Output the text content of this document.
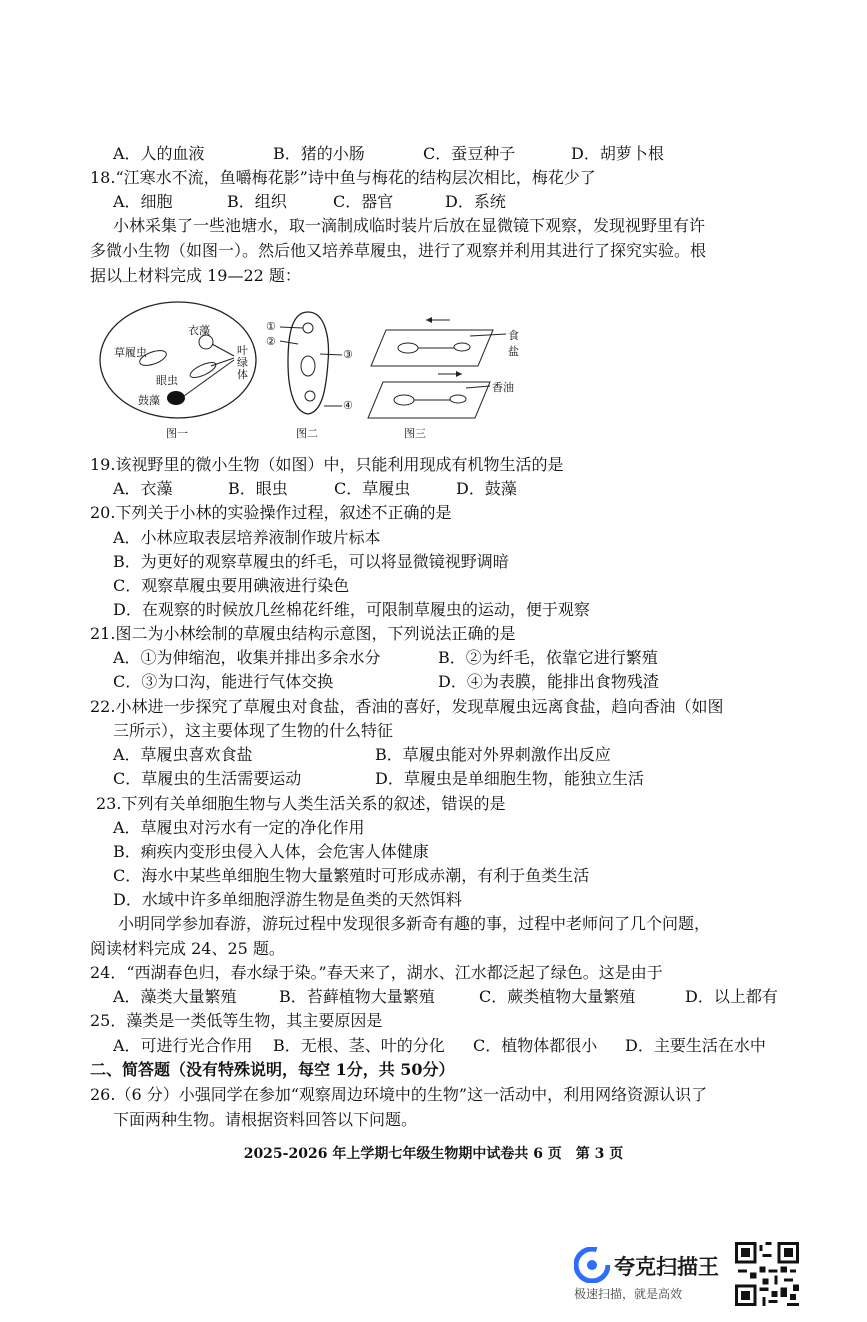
A．人的血液	B．猪的小肠	C．蚕豆种子	D．胡萝卜根
18.“江寒水不流，鱼嚼梅花影”诗中鱼与梅花的结构层次相比，梅花少了
A．细胞	B．组织	C．器官	D．系统
小林采集了一些池塘水，取一滴制成临时装片后放在显微镜下观察，发现视野里有许
多微小生物（如图一）。然后他又培养草履虫，进行了观察并利用其进行了探究实验。根
据以上材料完成 19—22 题：
草履虫
衣藻
眼虫
鼓藻
叶
绿
体
图一
①
②
③
④
图二
食盐
香油
图三
19.该视野里的微小生物（如图）中，只能利用现成有机物生活的是
A．衣藻	B．眼虫	C．草履虫	D．鼓藻
20.下列关于小林的实验操作过程，叙述不正确的是
A．小林应取表层培养液制作玻片标本
B．为更好的观察草履虫的纤毛，可以将显微镜视野调暗
C．观察草履虫要用碘液进行染色
D．在观察的时候放几丝棉花纤维，可限制草履虫的运动，便于观察
21.图二为小林绘制的草履虫结构示意图，下列说法正确的是
A．①为伸缩泡，收集并排出多余水分	B．②为纤毛，依靠它进行繁殖
C．③为口沟，能进行气体交换	D．④为表膜，能排出食物残渣
22.小林进一步探究了草履虫对食盐，香油的喜好，发现草履虫远离食盐，趋向香油（如图
三所示），这主要体现了生物的什么特征
A．草履虫喜欢食盐	B．草履虫能对外界刺激作出反应
C．草履虫的生活需要运动	D．草履虫是单细胞生物，能独立生活
23.下列有关单细胞生物与人类生活关系的叙述，错误的是
A．草履虫对污水有一定的净化作用
B．痢疾内变形虫侵入人体，会危害人体健康
C．海水中某些单细胞生物大量繁殖时可形成赤潮，有利于鱼类生活
D．水域中许多单细胞浮游生物是鱼类的天然饵料
小明同学参加春游，游玩过程中发现很多新奇有趣的事，过程中老师问了几个问题，
阅读材料完成 24、25 题。
24．“西湖春色归，春水绿于染。”春天来了，湖水、江水都泛起了绿色。这是由于
A．藻类大量繁殖	B．苔藓植物大量繁殖	C．蕨类植物大量繁殖	D．以上都有
25．藻类是一类低等生物，其主要原因是
A．可进行光合作用 B．无根、茎、叶的分化 C．植物体都很小 D．主要生活在水中
二、简答题（没有特殊说明，每空 1分，共 50分）
26.（6 分）小强同学在参加“观察周边环境中的生物”这一活动中，利用网络资源认识了
下面两种生物。请根据资料回答以下问题。
2025-2026 年上学期七年级生物期中试卷共 6 页　第 3 页
夸克扫描王
极速扫描，就是高效
